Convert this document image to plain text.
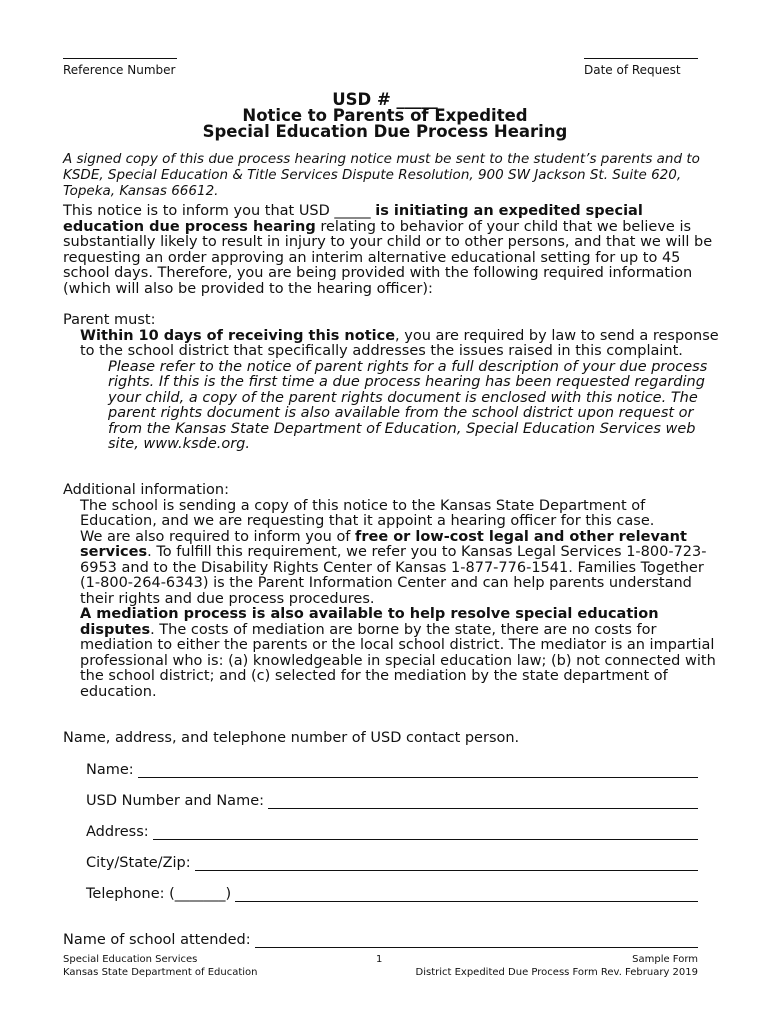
Reference Number	Date of Request
USD # _____
Notice to Parents of Expedited
Special Education Due Process Hearing
A signed copy of this due process hearing notice must be sent to the student’s parents and to KSDE, Special Education & Title Services Dispute Resolution, 900 SW Jackson St. Suite 620, Topeka, Kansas 66612.
This notice is to inform you that USD _____ is initiating an expedited special education due process hearing relating to behavior of your child that we believe is substantially likely to result in injury to your child or to other persons, and that we will be requesting an order approving an interim alternative educational setting for up to 45 school days. Therefore, you are being provided with the following required information (which will also be provided to the hearing officer):
Parent must:
Within 10 days of receiving this notice, you are required by law to send a response to the school district that specifically addresses the issues raised in this complaint.
Please refer to the notice of parent rights for a full description of your due process rights. If this is the first time a due process hearing has been requested regarding your child, a copy of the parent rights document is enclosed with this notice. The parent rights document is also available from the school district upon request or from the Kansas State Department of Education, Special Education Services web site, www.ksde.org.
Additional information:
The school is sending a copy of this notice to the Kansas State Department of Education, and we are requesting that it appoint a hearing officer for this case.
We are also required to inform you of free or low-cost legal and other relevant services. To fulfill this requirement, we refer you to Kansas Legal Services 1-800-723-6953 and to the Disability Rights Center of Kansas 1-877-776-1541. Families Together (1-800-264-6343) is the Parent Information Center and can help parents understand their rights and due process procedures.
A mediation process is also available to help resolve special education disputes. The costs of mediation are borne by the state, there are no costs for mediation to either the parents or the local school district. The mediator is an impartial professional who is: (a) knowledgeable in special education law; (b) not connected with the school district; and (c) selected for the mediation by the state department of education.
Name, address, and telephone number of USD contact person.
Name:
USD Number and Name:
Address:
City/State/Zip:
Telephone: (_______)
Name of school attended:
Special Education Services
Kansas State Department of Education
1	Sample Form
District Expedited Due Process Form Rev. February 2019
